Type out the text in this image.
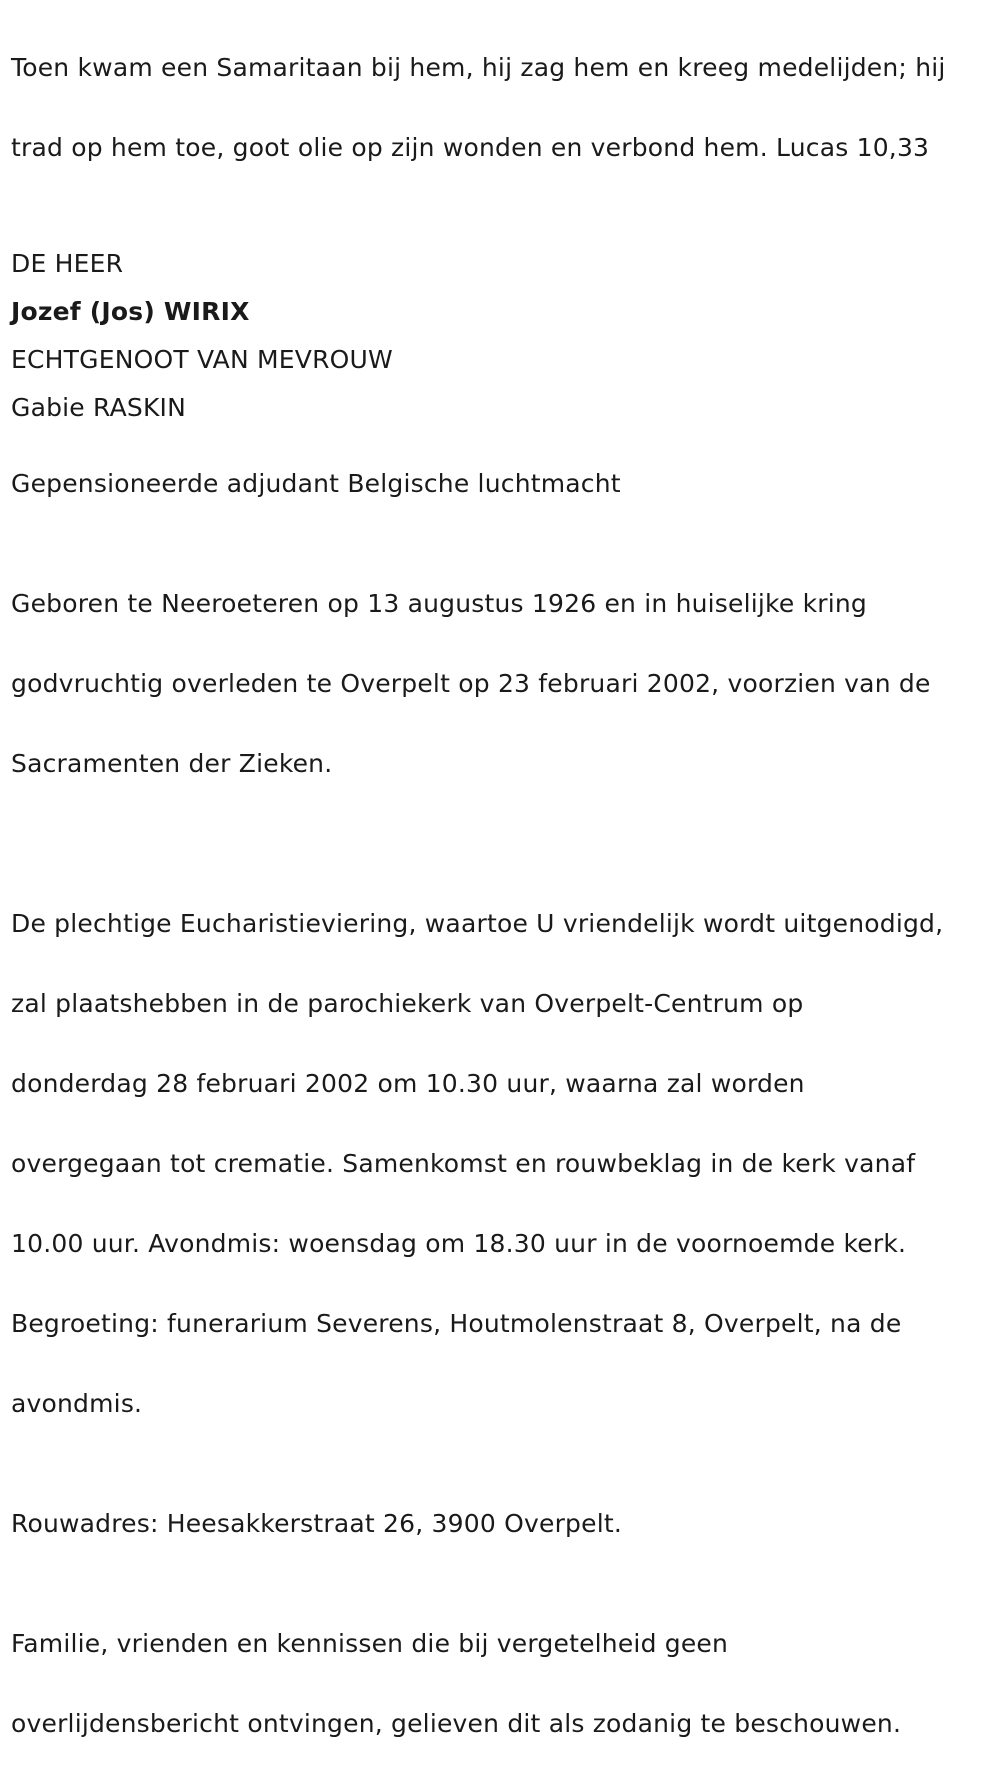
Toen kwam een Samaritaan bij hem, hij zag hem en kreeg medelijden; hij

trad op hem toe, goot olie op zijn wonden en verbond hem. Lucas 10,33

DE HEER
Jozef (Jos) WIRIX
ECHTGENOOT VAN MEVROUW
Gabie RASKIN
Gepensioneerde adjudant Belgische luchtmacht

Geboren te Neeroeteren op 13 augustus 1926 en in huiselijke kring

godvruchtig overleden te Overpelt op 23 februari 2002, voorzien van de

Sacramenten der Zieken.

De plechtige Eucharistieviering, waartoe U vriendelijk wordt uitgenodigd,

zal plaatshebben in de parochiekerk van Overpelt-Centrum op

donderdag 28 februari 2002 om 10.30 uur, waarna zal worden

overgegaan tot crematie. Samenkomst en rouwbeklag in de kerk vanaf

10.00 uur. Avondmis: woensdag om 18.30 uur in de voornoemde kerk.

Begroeting: funerarium Severens, Houtmolenstraat 8, Overpelt, na de

avondmis.

Rouwadres: Heesakkerstraat 26, 3900 Overpelt.

Familie, vrienden en kennissen die bij vergetelheid geen

overlijdensbericht ontvingen, gelieven dit als zodanig te beschouwen.
